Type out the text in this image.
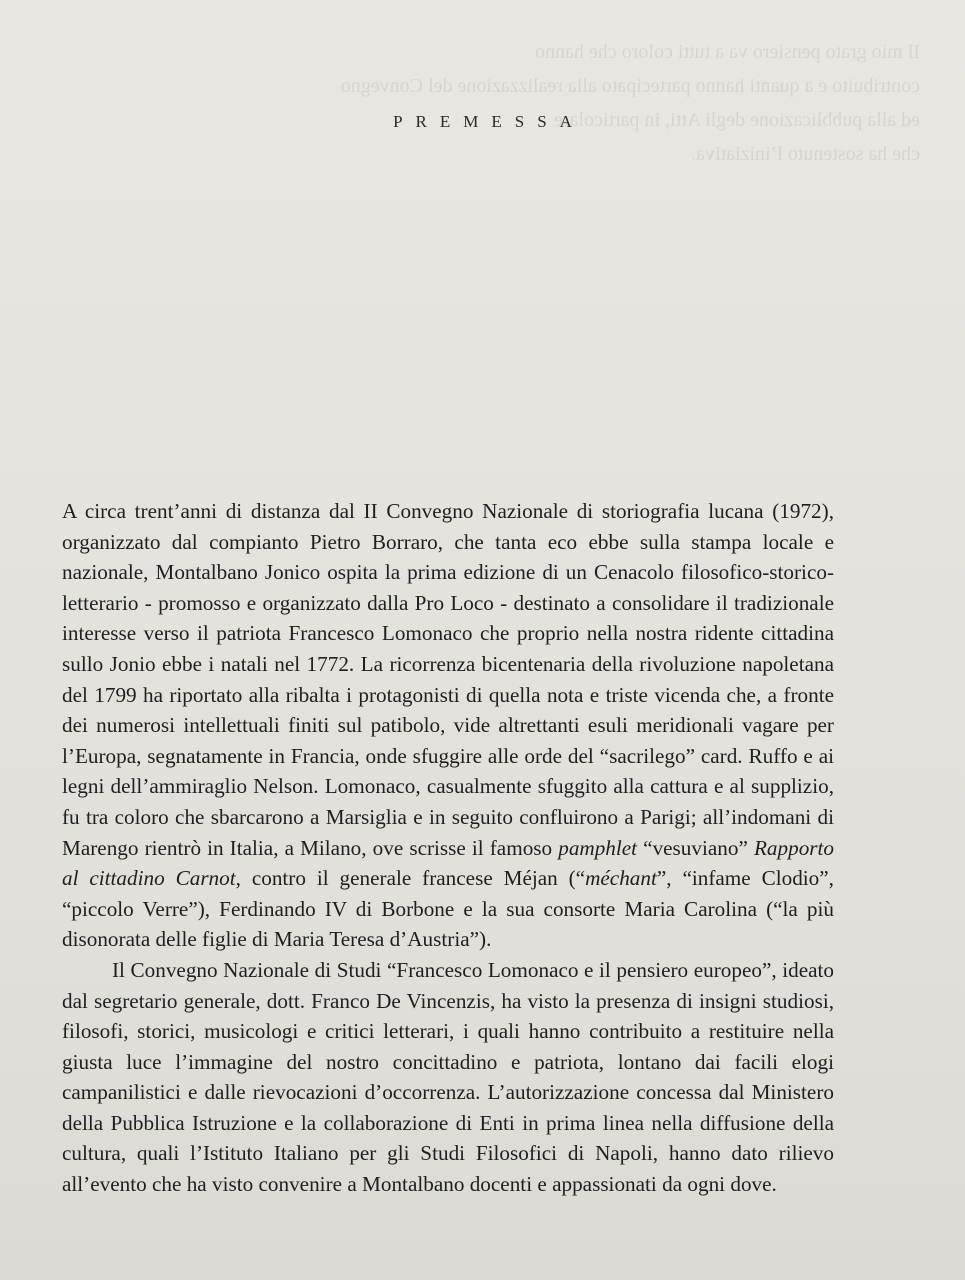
Il mio grato pensiero va a tutti coloro che hanno
contribuito e a quanti hanno partecipato alla realizzazione del Convegno
ed alla pubblicazione degli Atti, in particolare
che ha sostenuto l’iniziativa.
PREMESSA

A circa trent’anni di distanza dal II Convegno Nazionale di storiografia lucana (1972), organizzato dal compianto Pietro Borraro, che tanta eco ebbe sulla stampa locale e nazionale, Montalbano Jonico ospita la prima edizione di un Cenacolo filosofico-storico-letterario - promosso e organizzato dalla Pro Loco - destinato a consolidare il tradizionale interesse verso il patriota Francesco Lomonaco che proprio nella nostra ridente cittadina sullo Jonio ebbe i natali nel 1772. La ricorrenza bicentenaria della rivoluzione napoletana del 1799 ha riportato alla ribalta i protagonisti di quella nota e triste vicenda che, a fronte dei numerosi intellettuali finiti sul patibolo, vide altrettanti esuli meridionali vagare per l’Europa, segnatamente in Francia, onde sfuggire alle orde del “sacrilego” card. Ruffo e ai legni dell’ammiraglio Nelson. Lomonaco, casualmente sfuggito alla cattura e al supplizio, fu tra coloro che sbarcarono a Marsiglia e in seguito confluirono a Parigi; all’indomani di Marengo rientrò in Italia, a Milano, ove scrisse il famoso pamphlet “vesuviano” Rapporto al cittadino Carnot, contro il generale francese Méjan (“méchant”, “infame Clodio”, “piccolo Verre”), Ferdinando IV di Borbone e la sua consorte Maria Carolina (“la più disonorata delle figlie di Maria Teresa d’Austria”).

Il Convegno Nazionale di Studi “Francesco Lomonaco e il pensiero europeo”, ideato dal segretario generale, dott. Franco De Vincenzis, ha visto la presenza di insigni studiosi, filosofi, storici, musicologi e critici letterari, i quali hanno contribuito a restituire nella giusta luce l’immagine del nostro concittadino e patriota, lontano dai facili elogi campanilistici e dalle rievocazioni d’occorrenza. L’autorizzazione concessa dal Ministero della Pubblica Istruzione e la collaborazione di Enti in prima linea nella diffusione della cultura, quali l’Istituto Italiano per gli Studi Filosofici di Napoli, hanno dato rilievo all’evento che ha visto convenire a Montalbano docenti e appassionati da ogni dove.
